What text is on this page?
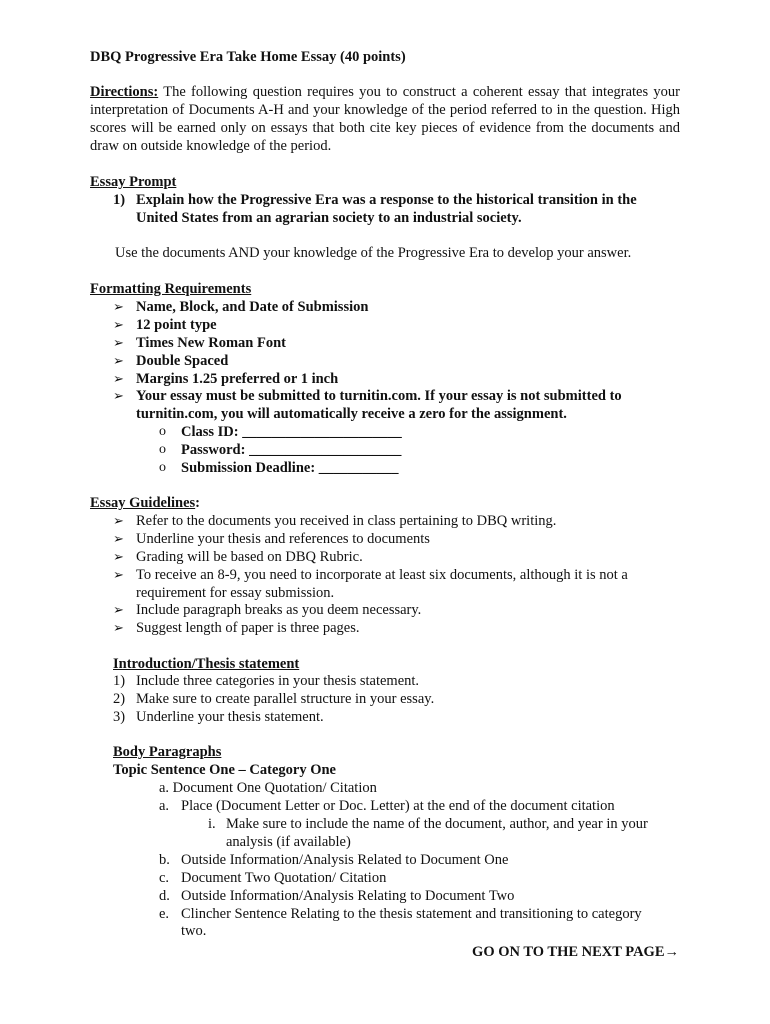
DBQ Progressive Era Take Home Essay (40 points)
Directions: The following question requires you to construct a coherent essay that integrates your interpretation of Documents A-H and your knowledge of the period referred to in the question. High scores will be earned only on essays that both cite key pieces of evidence from the documents and draw on outside knowledge of the period.
Essay Prompt
1) Explain how the Progressive Era was a response to the historical transition in the
United States from an agrarian society to an industrial society.
Use the documents AND your knowledge of the Progressive Era to develop your answer.
Formatting Requirements
➢ Name, Block, and Date of Submission
➢ 12 point type
➢ Times New Roman Font
➢ Double Spaced
➢ Margins 1.25 preferred or 1 inch
➢ Your essay must be submitted to turnitin.com. If your essay is not submitted to
turnitin.com, you will automatically receive a zero for the assignment.
o Class ID: ______________________
o Password: _____________________
o Submission Deadline: ___________
Essay Guidelines:
➢ Refer to the documents you received in class pertaining to DBQ writing.
➢ Underline your thesis and references to documents
➢ Grading will be based on DBQ Rubric.
➢ To receive an 8-9, you need to incorporate at least six documents, although it is not a
requirement for essay submission.
➢ Include paragraph breaks as you deem necessary.
➢ Suggest length of paper is three pages.
Introduction/Thesis statement
1) Include three categories in your thesis statement.
2) Make sure to create parallel structure in your essay.
3) Underline your thesis statement.
Body Paragraphs
Topic Sentence One – Category One
a. Document One Quotation/ Citation
a. Place (Document Letter or Doc. Letter) at the end of the document citation
i. Make sure to include the name of the document, author, and year in your
analysis (if available)
b. Outside Information/Analysis Related to Document One
c. Document Two Quotation/ Citation
d. Outside Information/Analysis Relating to Document Two
e. Clincher Sentence Relating to the thesis statement and transitioning to category
two.
GO ON TO THE NEXT PAGE→
